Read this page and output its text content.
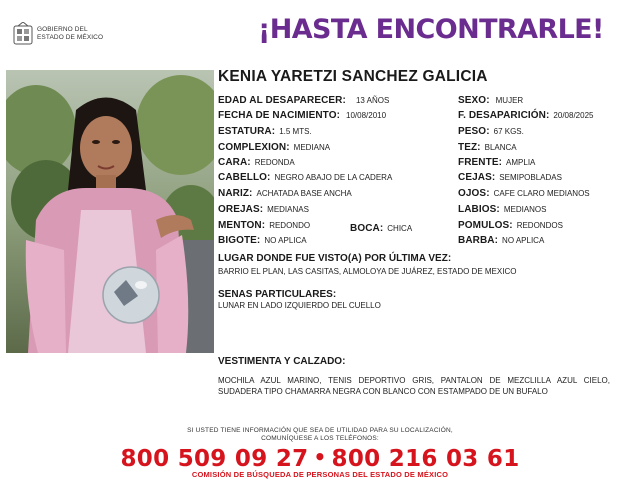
GOBIERNO DEL
ESTADO DE MÉXICO	¡HASTA ENCONTRARLE!
KENIA YARETZI SANCHEZ GALICIA
EDAD AL DESAPARECER: 13 AÑOS	SEXO: MUJER
FECHA DE NACIMIENTO: 10/08/2010	F. DESAPARICIÓN: 20/08/2025
ESTATURA: 1.5 MTS.	PESO: 67 KGS.
COMPLEXION: MEDIANA	TEZ: BLANCA
CARA: REDONDA	FRENTE: AMPLIA
CABELLO: NEGRO ABAJO DE LA CADERA	CEJAS: SEMIPOBLADAS
NARIZ: ACHATADA BASE ANCHA	OJOS: CAFE CLARO MEDIANOS
OREJAS: MEDIANAS	LABIOS: MEDIANOS
MENTON: REDONDO	BOCA: CHICA	POMULOS: REDONDOS
BIGOTE: NO APLICA	BARBA: NO APLICA
LUGAR DONDE FUE VISTO(A) POR ÚLTIMA VEZ:
BARRIO EL PLAN, LAS CASITAS, ALMOLOYA DE JUÁREZ, ESTADO DE MEXICO
SENAS PARTICULARES:
LUNAR EN LADO IZQUIERDO DEL CUELLO
VESTIMENTA Y CALZADO:
MOCHILA AZUL MARINO, TENIS DEPORTIVO GRIS, PANTALON DE MEZCLILLA AZUL CIELO, SUDADERA TIPO CHAMARRA NEGRA CON BLANCO CON ESTAMPADO DE UN BUFALO
SI USTED TIENE INFORMACIÓN QUE SEA DE UTILIDAD PARA SU LOCALIZACIÓN,
COMUNÍQUESE A LOS TELÉFONOS:
800 509 09 27 • 800 216 03 61
COMISIÓN DE BÚSQUEDA DE PERSONAS DEL ESTADO DE MÉXICO
